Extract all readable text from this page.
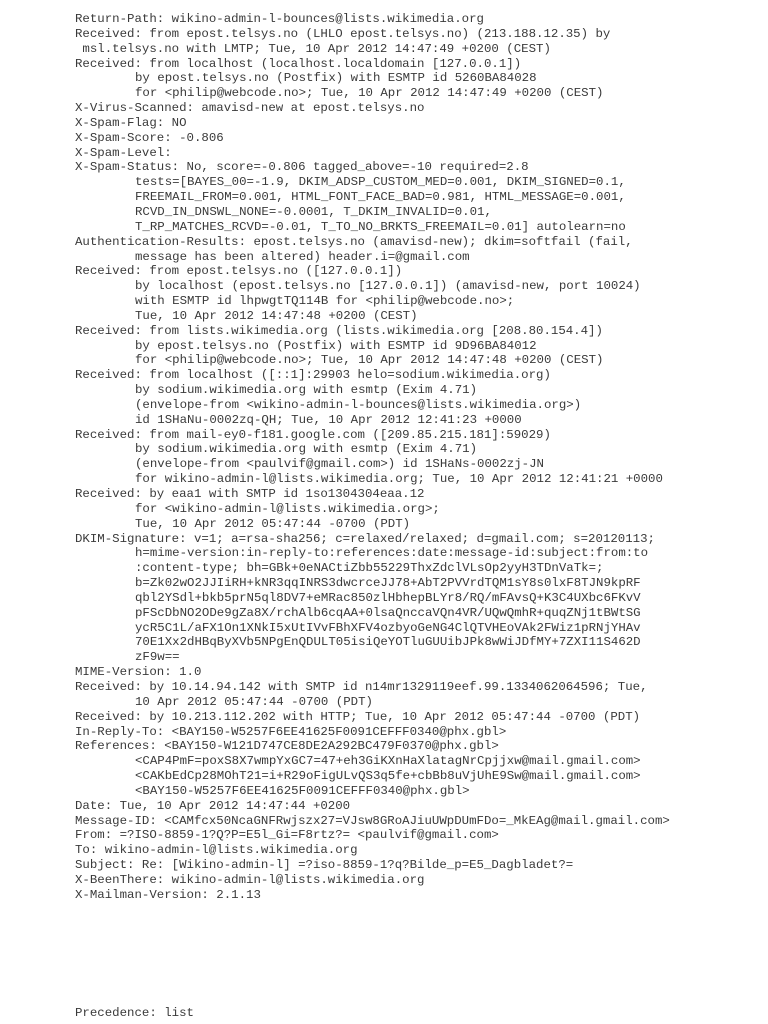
Return-Path: wikino-admin-l-bounces@lists.wikimedia.org
Received: from epost.telsys.no (LHLO epost.telsys.no) (213.188.12.35) by
msl.telsys.no with LMTP; Tue, 10 Apr 2012 14:47:49 +0200 (CEST)
Received: from localhost (localhost.localdomain [127.0.0.1])
by epost.telsys.no (Postfix) with ESMTP id 5260BA84028
for <philip@webcode.no>; Tue, 10 Apr 2012 14:47:49 +0200 (CEST)
X-Virus-Scanned: amavisd-new at epost.telsys.no
X-Spam-Flag: NO
X-Spam-Score: -0.806
X-Spam-Level:
X-Spam-Status: No, score=-0.806 tagged_above=-10 required=2.8
tests=[BAYES_00=-1.9, DKIM_ADSP_CUSTOM_MED=0.001, DKIM_SIGNED=0.1,
FREEMAIL_FROM=0.001, HTML_FONT_FACE_BAD=0.981, HTML_MESSAGE=0.001,
RCVD_IN_DNSWL_NONE=-0.0001, T_DKIM_INVALID=0.01,
T_RP_MATCHES_RCVD=-0.01, T_TO_NO_BRKTS_FREEMAIL=0.01] autolearn=no
Authentication-Results: epost.telsys.no (amavisd-new); dkim=softfail (fail,
message has been altered) header.i=@gmail.com
Received: from epost.telsys.no ([127.0.0.1])
by localhost (epost.telsys.no [127.0.0.1]) (amavisd-new, port 10024)
with ESMTP id lhpwgtTQ114B for <philip@webcode.no>;
Tue, 10 Apr 2012 14:47:48 +0200 (CEST)
Received: from lists.wikimedia.org (lists.wikimedia.org [208.80.154.4])
by epost.telsys.no (Postfix) with ESMTP id 9D96BA84012
for <philip@webcode.no>; Tue, 10 Apr 2012 14:47:48 +0200 (CEST)
Received: from localhost ([::1]:29903 helo=sodium.wikimedia.org)
by sodium.wikimedia.org with esmtp (Exim 4.71)
(envelope-from <wikino-admin-l-bounces@lists.wikimedia.org>)
id 1SHaNu-0002zq-QH; Tue, 10 Apr 2012 12:41:23 +0000
Received: from mail-ey0-f181.google.com ([209.85.215.181]:59029)
by sodium.wikimedia.org with esmtp (Exim 4.71)
(envelope-from <paulvif@gmail.com>) id 1SHaNs-0002zj-JN
for wikino-admin-l@lists.wikimedia.org; Tue, 10 Apr 2012 12:41:21 +0000
Received: by eaa1 with SMTP id 1so1304304eaa.12
for <wikino-admin-l@lists.wikimedia.org>;
Tue, 10 Apr 2012 05:47:44 -0700 (PDT)
DKIM-Signature: v=1; a=rsa-sha256; c=relaxed/relaxed; d=gmail.com; s=20120113;
h=mime-version:in-reply-to:references:date:message-id:subject:from:to
:content-type; bh=GBk+0eNACtiZbb55229ThxZdclVLsOp2yyH3TDnVaTk=;
b=Zk02wO2JJIiRH+kNR3qqINRS3dwcrceJJ78+AbT2PVVrdTQM1sY8s0lxF8TJN9kpRF
qbl2YSdl+bkb5prN5ql8DV7+eMRac850zlHbhepBLYr8/RQ/mFAvsQ+K3C4UXbc6FKvV
pFScDbNO2ODe9gZa8X/rchAlb6cqAA+0lsaQnccaVQn4VR/UQwQmhR+quqZNj1tBWtSG
ycR5C1L/aFX1On1XNkI5xUtIVvFBhXFV4ozbyoGeNG4ClQTVHEoVAk2FWiz1pRNjYHAv
70E1Xx2dHBqByXVb5NPgEnQDULT05isiQeYOTluGUUibJPk8wWiJDfMY+7ZXI11S462D
zF9w==
MIME-Version: 1.0
Received: by 10.14.94.142 with SMTP id n14mr1329119eef.99.1334062064596; Tue,
10 Apr 2012 05:47:44 -0700 (PDT)
Received: by 10.213.112.202 with HTTP; Tue, 10 Apr 2012 05:47:44 -0700 (PDT)
In-Reply-To: <BAY150-W5257F6EE41625F0091CEFFF0340@phx.gbl>
References: <BAY150-W121D747CE8DE2A292BC479F0370@phx.gbl>
<CAP4PmF=poxS8X7wmpYxGC7=47+eh3GiKXnHaXlatagNrCpjjxw@mail.gmail.com>
<CAKbEdCp28MOhT21=i+R29oFigULvQS3q5fe+cbBb8uVjUhE9Sw@mail.gmail.com>
<BAY150-W5257F6EE41625F0091CEFFF0340@phx.gbl>
Date: Tue, 10 Apr 2012 14:47:44 +0200
Message-ID: <CAMfcx50NcaGNFRwjszx27=VJsw8GRoAJiuUWpDUmFDo=_MkEAg@mail.gmail.com>
From: =?ISO-8859-1?Q?P=E5l_Gi=F8rtz?= <paulvif@gmail.com>
To: wikino-admin-l@lists.wikimedia.org
Subject: Re: [Wikino-admin-l] =?iso-8859-1?q?Bilde_p=E5_Dagbladet?=
X-BeenThere: wikino-admin-l@lists.wikimedia.org
X-Mailman-Version: 2.1.13
Precedence: list
